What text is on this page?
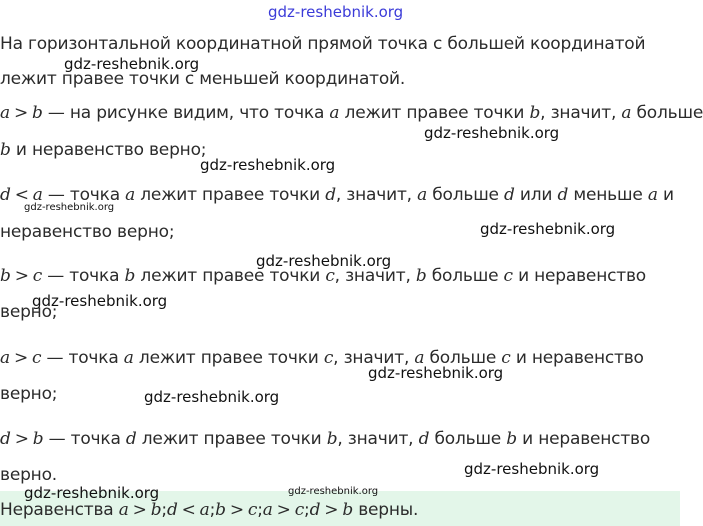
gdz-reshebnik.org
gdz-reshebnik.org
gdz-reshebnik.org
gdz-reshebnik.org
gdz-reshebnik.org
gdz-reshebnik.org
gdz-reshebnik.org
gdz-reshebnik.org
gdz-reshebnik.org
gdz-reshebnik.org
gdz-reshebnik.org
На горизонтальной координатной прямой точка с большей координатой
лежит правее точки с меньшей координатой.
a > b — на рисунке видим, что точка a лежит правее точки b, значит, a больше
b и неравенство верно;
d < a — точка a лежит правее точки d, значит, a больше d или d меньше a и
неравенство верно;
b > c — точка b лежит правее точки c, значит, b больше c и неравенство
верно;
a > c — точка a лежит правее точки c, значит, a больше c и неравенство
верно;
d > b — точка d лежит правее точки b, значит, d больше b и неравенство
верно.
gdz-reshebnik.org	gdz-reshebnik.org
Неравенства a > b;d < a;b > c;a > c;d > b верны.
